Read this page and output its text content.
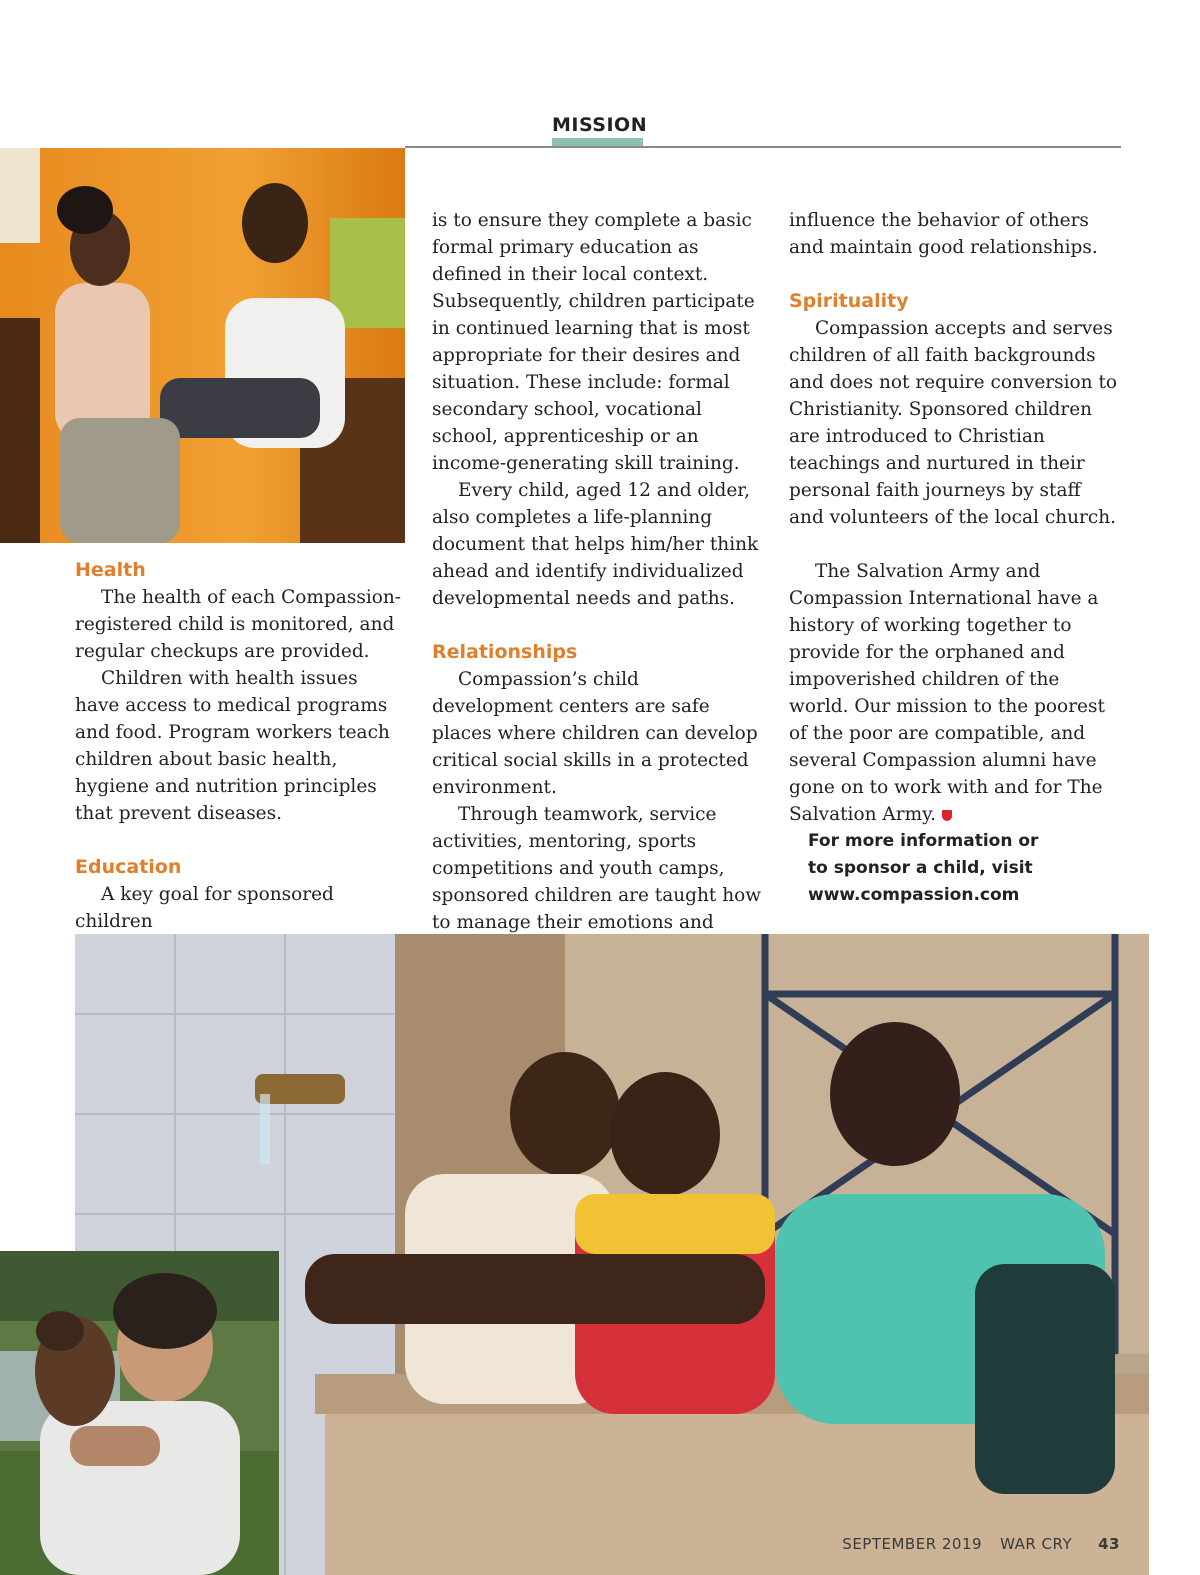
MISSION
Health

The health of each Compassion-registered child is monitored, and regular checkups are provided.

Children with health issues have access to medical programs and food. Program workers teach children about basic health, hygiene and nutrition principles that prevent diseases.

Education

A key goal for sponsored children

is to ensure they complete a basic formal primary education as defined in their local context. Subsequently, children participate in continued learning that is most appropriate for their desires and situation. These include: formal secondary school, vocational school, apprenticeship or an income-generating skill training.

Every child, aged 12 and older, also completes a life-planning document that helps him/her think ahead and identify individualized developmental needs and paths.

Relationships

Compassion’s child development centers are safe places where children can develop critical social skills in a protected environment.

Through teamwork, service activities, mentoring, sports competitions and youth camps, sponsored children are taught how to manage their emotions and

influence the behavior of others and maintain good relationships.

Spirituality

Compassion accepts and serves children of all faith backgrounds and does not require conversion to Christianity. Sponsored children are introduced to Christian teachings and nurtured in their personal faith journeys by staff and volunteers of the local church.

The Salvation Army and Compassion International have a history of working together to provide for the orphaned and impoverished children of the world. Our mission to the poorest of the poor are compatible, and several Compassion alumni have gone on to work with and for The Salvation Army.

For more information or
to sponsor a child, visit
www.compassion.com
SEPTEMBER 2019 WAR CRY 43
